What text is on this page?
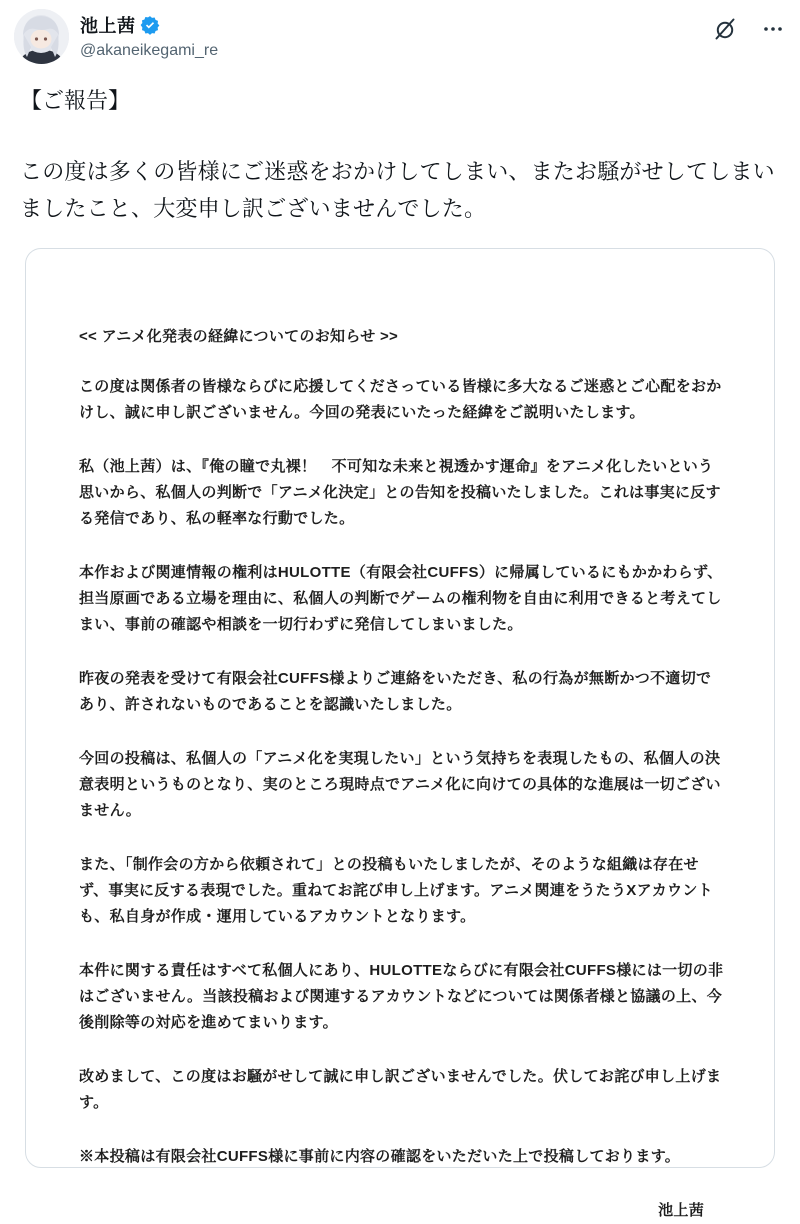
池上茜
@akaneikegami_re
【ご報告】
この度は多くの皆様にご迷惑をおかけしてしまい、またお騒がせしてしまいましたこと、大変申し訳ございませんでした。
<< アニメ化発表の経緯についてのお知らせ >>

この度は関係者の皆様ならびに応援してくださっている皆様に多大なるご迷惑とご心配をおかけし、誠に申し訳ございません。今回の発表にいたった経緯をご説明いたします。

私（池上茜）は、『俺の瞳で丸裸！　不可知な未来と視透かす運命』をアニメ化したいという思いから、私個人の判断で「アニメ化決定」との告知を投稿いたしました。これは事実に反する発信であり、私の軽率な行動でした。

本作および関連情報の権利はHULOTTE（有限会社CUFFS）に帰属しているにもかかわらず、担当原画である立場を理由に、私個人の判断でゲームの権利物を自由に利用できると考えてしまい、事前の確認や相談を一切行わずに発信してしまいました。

昨夜の発表を受けて有限会社CUFFS様よりご連絡をいただき、私の行為が無断かつ不適切であり、許されないものであることを認識いたしました。

今回の投稿は、私個人の「アニメ化を実現したい」という気持ちを表現したもの、私個人の決意表明というものとなり、実のところ現時点でアニメ化に向けての具体的な進展は一切ございません。

また、「制作会の方から依頼されて」との投稿もいたしましたが、そのような組織は存在せず、事実に反する表現でした。重ねてお詫び申し上げます。アニメ関連をうたうXアカウントも、私自身が作成・運用しているアカウントとなります。

本件に関する責任はすべて私個人にあり、HULOTTEならびに有限会社CUFFS様には一切の非はございません。当該投稿および関連するアカウントなどについては関係者様と協議の上、今後削除等の対応を進めてまいります。

改めまして、この度はお騒がせして誠に申し訳ございませんでした。伏してお詫び申し上げます。

※本投稿は有限会社CUFFS様に事前に内容の確認をいただいた上で投稿しております。

池上茜
